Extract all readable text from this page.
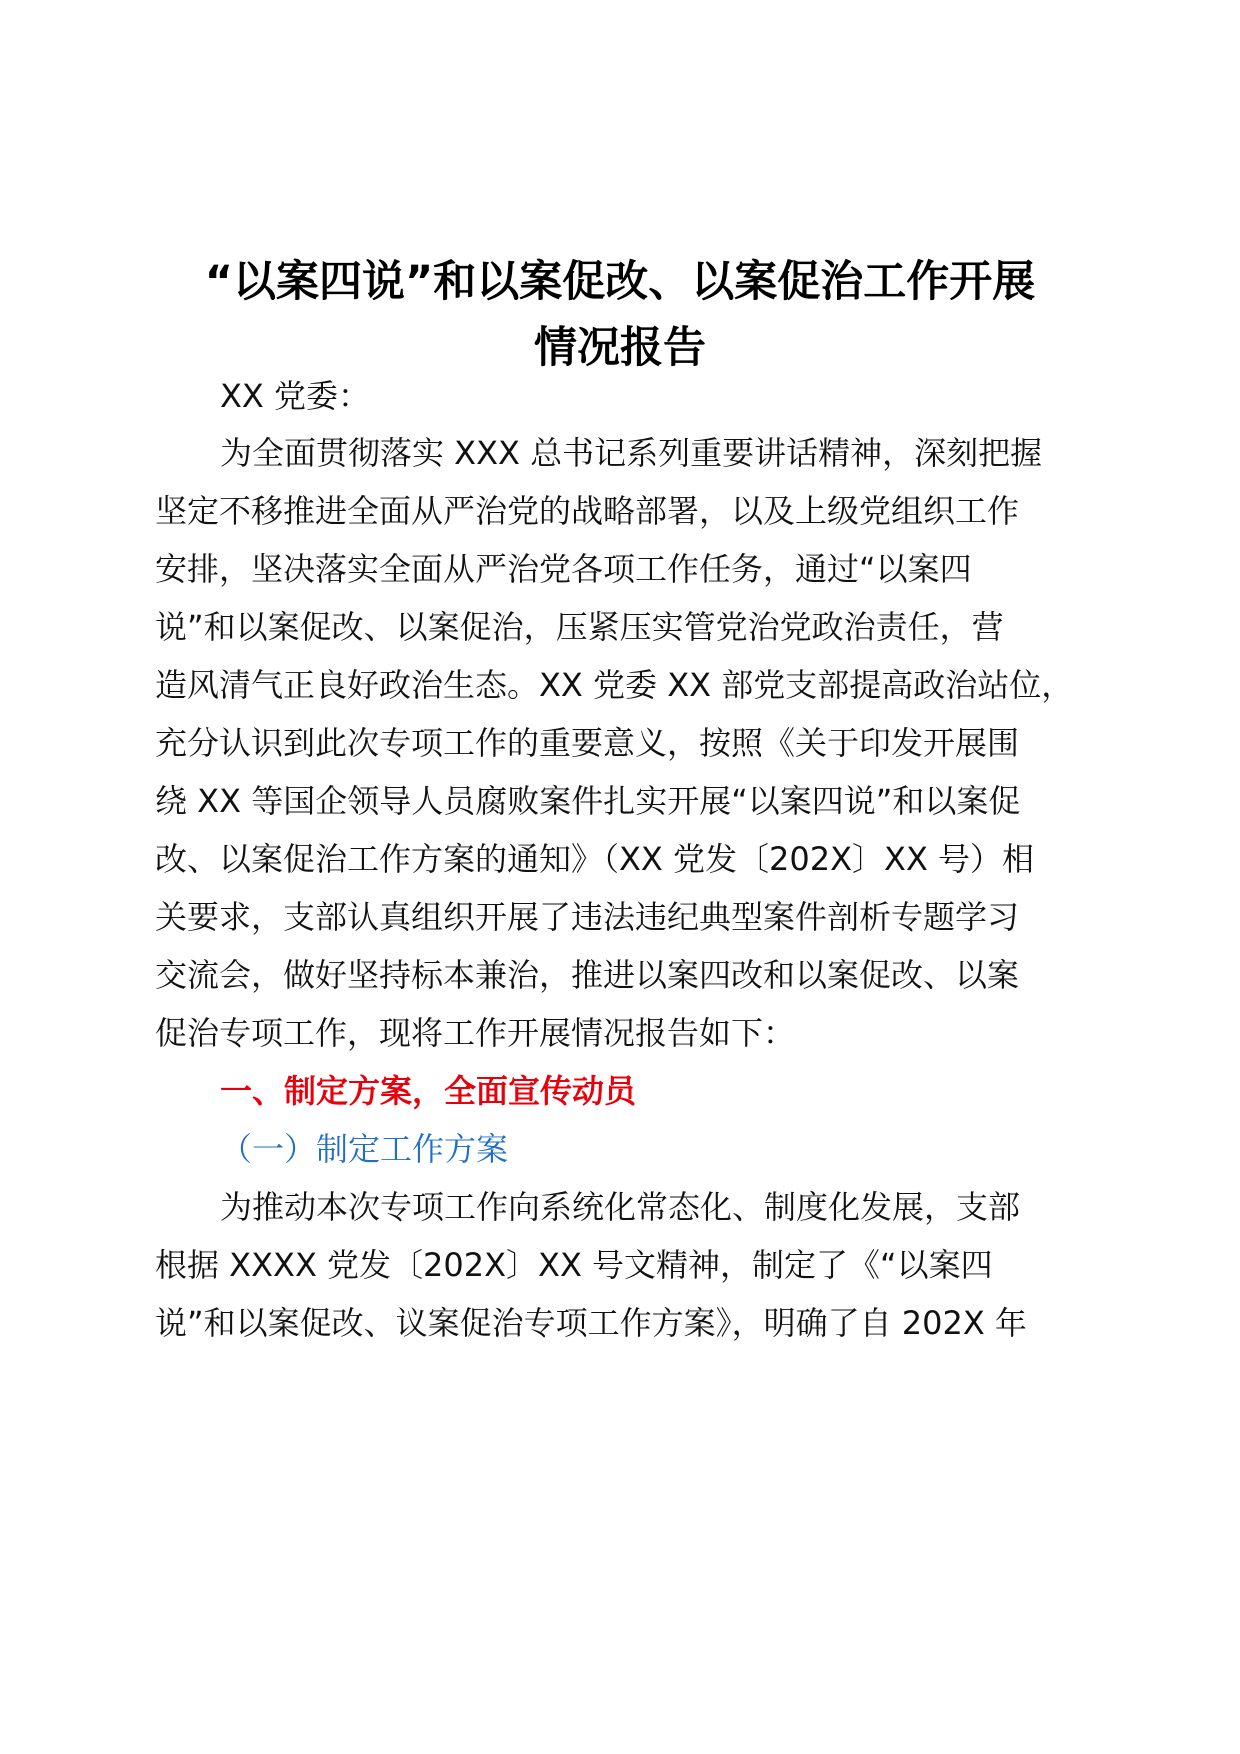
“以案四说”和以案促改、以案促治工作开展
情况报告
XX 党委：
为全面贯彻落实 XXX 总书记系列重要讲话精神，深刻把握
坚定不移推进全面从严治党的战略部署，以及上级党组织工作
安排，坚决落实全面从严治党各项工作任务，通过“以案四
说”和以案促改、以案促治，压紧压实管党治党政治责任，营
造风清气正良好政治生态。XX 党委 XX 部党支部提高政治站位，
充分认识到此次专项工作的重要意义，按照《关于印发开展围
绕 XX 等国企领导人员腐败案件扎实开展“以案四说”和以案促
改、以案促治工作方案的通知》（XX 党发〔202X〕XX 号）相
关要求，支部认真组织开展了违法违纪典型案件剖析专题学习
交流会，做好坚持标本兼治，推进以案四改和以案促改、以案
促治专项工作，现将工作开展情况报告如下：
一、制定方案，全面宣传动员
（一）制定工作方案
为推动本次专项工作向系统化常态化、制度化发展，支部
根据 XXXX 党发〔202X〕XX 号文精神，制定了《“以案四
说”和以案促改、议案促治专项工作方案》，明确了自 202X 年
